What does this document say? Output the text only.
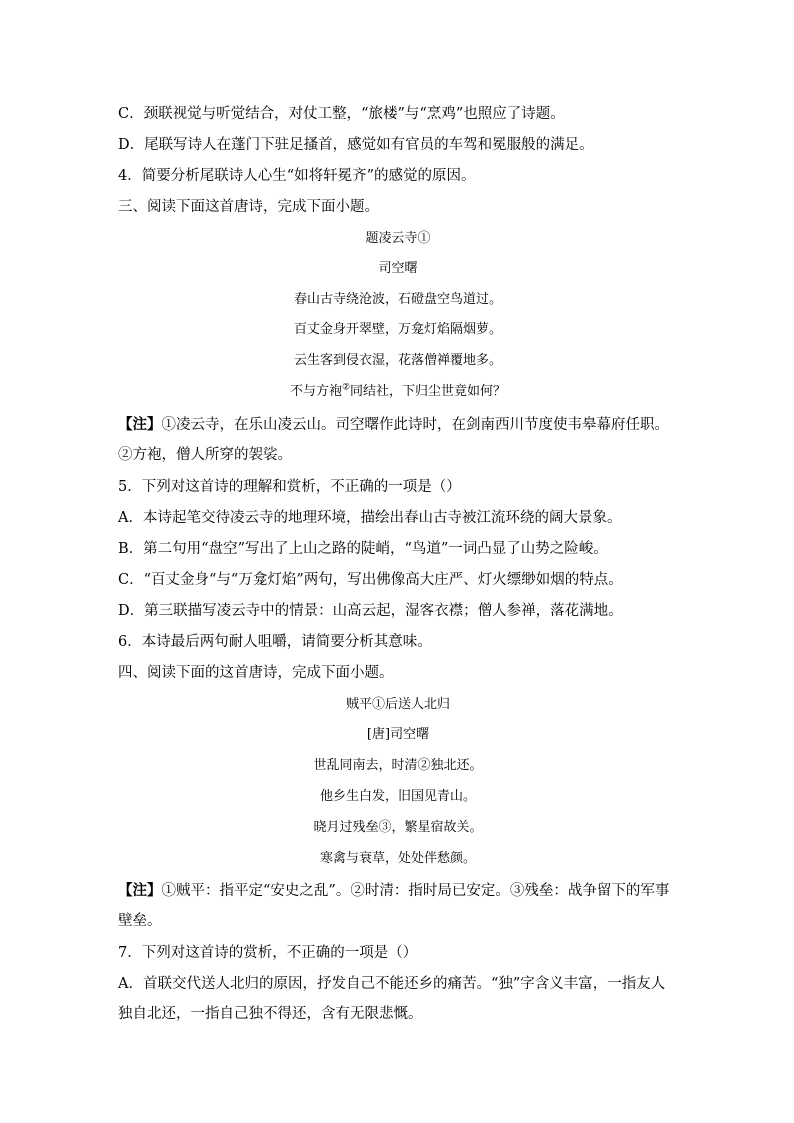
C．颈联视觉与听觉结合，对仗工整，“旅楼”与“烹鸡”也照应了诗题。
D．尾联写诗人在蓬门下驻足搔首，感觉如有官员的车驾和冕服般的满足。
4．简要分析尾联诗人心生“如将轩冕齐”的感觉的原因。
三、阅读下面这首唐诗，完成下面小题。
题凌云寺①
司空曙
春山古寺绕沧波，石磴盘空鸟道过。
百丈金身开翠壁，万龛灯焰隔烟萝。
云生客到侵衣湿，花落僧禅覆地多。
不与方袍②同结社，下归尘世竟如何？
【注】①凌云寺，在乐山凌云山。司空曙作此诗时，在剑南西川节度使韦皋幕府任职。②方袍，僧人所穿的袈裟。
5．下列对这首诗的理解和赏析，不正确的一项是（）
A．本诗起笔交待凌云寺的地理环境，描绘出春山古寺被江流环绕的阔大景象。
B．第二句用“盘空”写出了上山之路的陡峭，“鸟道”一词凸显了山势之险峻。
C．“百丈金身“与“万龛灯焰”两句，写出佛像高大庄严、灯火缥缈如烟的特点。
D．第三联描写凌云寺中的情景：山高云起，湿客衣襟；僧人参禅，落花满地。
6．本诗最后两句耐人咀嚼，请简要分析其意味。
四、阅读下面的这首唐诗，完成下面小题。
贼平①后送人北归
[唐]司空曙
世乱同南去，时清②独北还。
他乡生白发，旧国见青山。
晓月过残垒③，繁星宿故关。
寒禽与衰草，处处伴愁颜。
【注】①贼平：指平定“安史之乱”。②时清：指时局已安定。③残垒：战争留下的军事壁垒。
7．下列对这首诗的赏析，不正确的一项是（）
A．首联交代送人北归的原因，抒发自己不能还乡的痛苦。“独”字含义丰富，一指友人独自北还，一指自己独不得还，含有无限悲慨。
